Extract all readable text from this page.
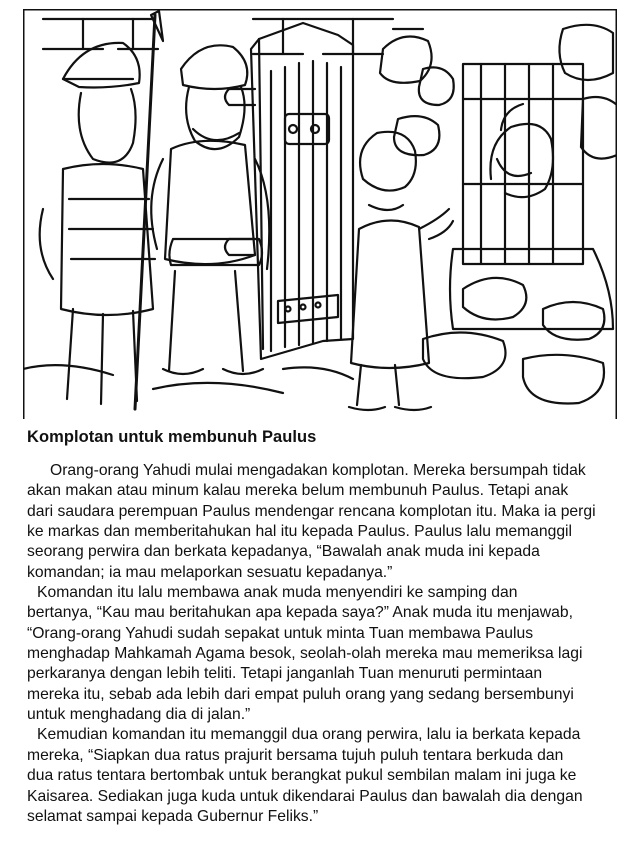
Komplotan untuk membunuh Paulus

Orang-orang Yahudi mulai mengadakan komplotan. Mereka bersumpah tidak
akan makan atau minum kalau mereka belum membunuh Paulus. Tetapi anak
dari saudara perempuan Paulus mendengar rencana komplotan itu. Maka ia pergi
ke markas dan memberitahukan hal itu kepada Paulus. Paulus lalu memanggil
seorang perwira dan berkata kepadanya, “Bawalah anak muda ini kepada
komandan; ia mau melaporkan sesuatu kepadanya.”

Komandan itu lalu membawa anak muda menyendiri ke samping dan
bertanya, “Kau mau beritahukan apa kepada saya?” Anak muda itu menjawab,
“Orang-orang Yahudi sudah sepakat untuk minta Tuan membawa Paulus
menghadap Mahkamah Agama besok, seolah-olah mereka mau memeriksa lagi
perkaranya dengan lebih teliti. Tetapi janganlah Tuan menuruti permintaan
mereka itu, sebab ada lebih dari empat puluh orang yang sedang bersembunyi
untuk menghadang dia di jalan.”

Kemudian komandan itu memanggil dua orang perwira, lalu ia berkata kepada
mereka, “Siapkan dua ratus prajurit bersama tujuh puluh tentara berkuda dan
dua ratus tentara bertombak untuk berangkat pukul sembilan malam ini juga ke
Kaisarea. Sediakan juga kuda untuk dikendarai Paulus dan bawalah dia dengan
selamat sampai kepada Gubernur Feliks.”
